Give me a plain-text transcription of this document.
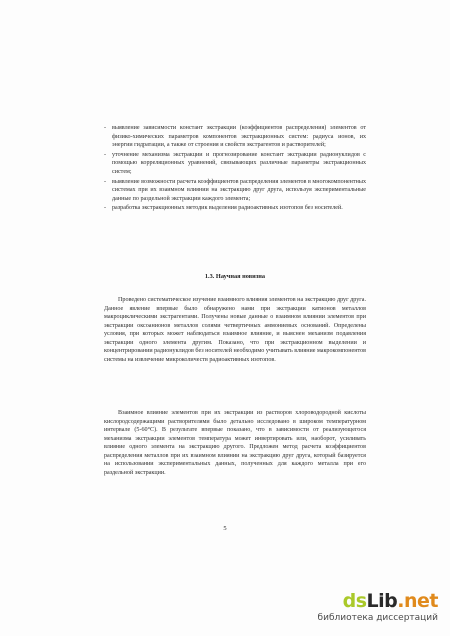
- выявление зависимости констант экстракции (коэффициентов распределения) элементов от физико-химических параметров компонентов экстракционных систем: радиуса ионов, их энергии гидратации, а также от строения и свойств экстрагентов и растворителей;
- уточнение механизма экстракции и прогнозирование констант экстракции радионуклидов с помощью корреляционных уравнений, связывающих различные параметры экстракционных систем;
- выявление возможности расчета коэффициентов распределения элементов в многокомпонентных системах при их взаимном влиянии на экстракцию друг друга, используя экспериментальные данные по раздельной экстракции каждого элемента;
- разработка экстракционных методик выделения радиоактивных изотопов без носителей.
1.3. Научная новизна

Проведено систематическое изучение взаимного влияния элементов на экстракцию друг друга. Данное явление впервые было обнаружено нами при экстракции катионов металлов макроциклическими экстрагентами. Получены новые данные о взаимном влиянии элементов при экстракции оксоанионов металлов солями четвертичных аммониевых оснований. Определены условия, при которых может наблюдаться взаимное влияние, и выяснен механизм подавления экстракции одного элемента другим. Показано, что при экстракционном выделении и концентрировании радионуклидов без носителей необходимо учитывать влияние макрокомпонентов системы на извлечение микроколичеств радиоактивных изотопов.

Взаимное влияние элементов при их экстракции из растворов хлороводородной кислоты кислородсодержащими растворителями было детально исследовано в широком температурном интервале (5-60°С). В результате впервые показано, что в зависимости от реализующегося механизма экстракции элементов температура может инвертировать или, наоборот, усиливать влияние одного элемента на экстракцию другого. Предложен метод расчета коэффициентов распределения металлов при их взаимном влиянии на экстракцию друг друга, который базируется на использовании экспериментальных данных, полученных для каждого металла при его раздельной экстракции.

5
dsLib.net
библиотека диссертаций
